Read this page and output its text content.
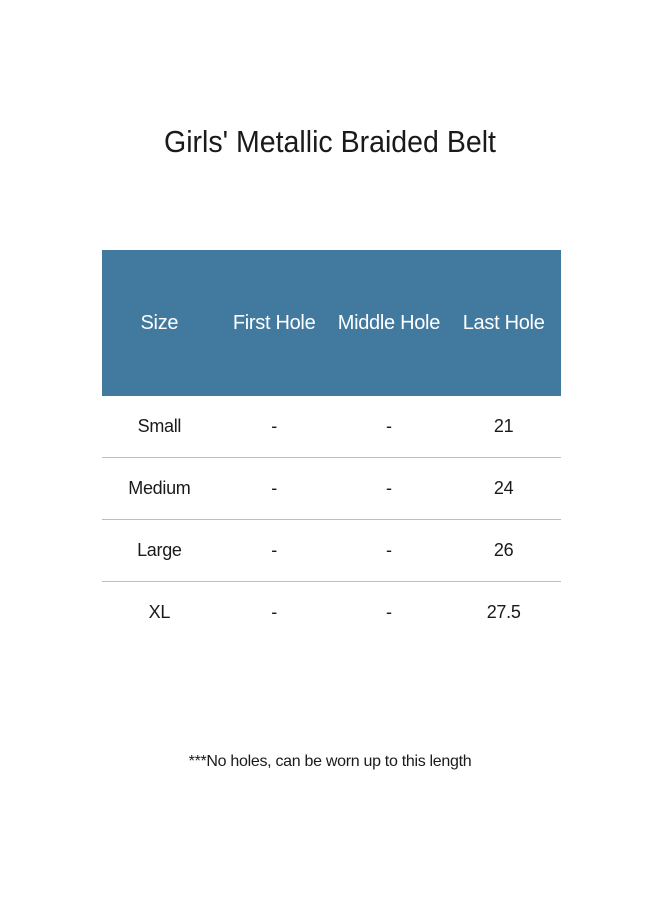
Girls' Metallic Braided Belt
Size	First Hole	Middle Hole	Last Hole
Small	-	-	21
Medium	-	-	24
Large	-	-	26
XL	-	-	27.5

***No holes, can be worn up to this length
